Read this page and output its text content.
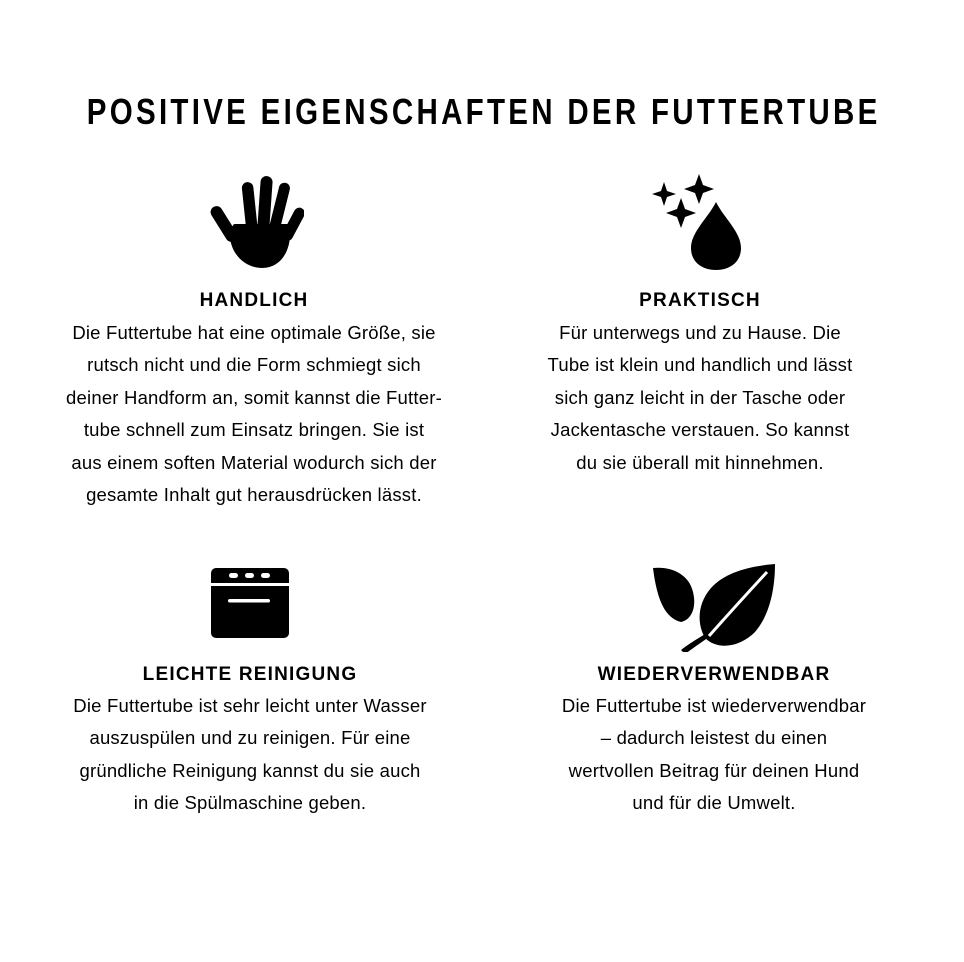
POSITIVE EIGENSCHAFTEN DER FUTTERTUBE
HANDLICH
Die Futtertube hat eine optimale Größe, sie
rutsch nicht und die Form schmiegt sich
deiner Handform an, somit kannst die Futter-
tube schnell zum Einsatz bringen. Sie ist
aus einem soften Material wodurch sich der
gesamte Inhalt gut herausdrücken lässt.
PRAKTISCH
Für unterwegs und zu Hause. Die
Tube ist klein und handlich und lässt
sich ganz leicht in der Tasche oder
Jackentasche verstauen. So kannst
du sie überall mit hinnehmen.
LEICHTE REINIGUNG
Die Futtertube ist sehr leicht unter Wasser
auszuspülen und zu reinigen. Für eine
gründliche Reinigung kannst du sie auch
in die Spülmaschine geben.
WIEDERVERWENDBAR
Die Futtertube ist wiederverwendbar
– dadurch leistest du einen
wertvollen Beitrag für deinen Hund
und für die Umwelt.
